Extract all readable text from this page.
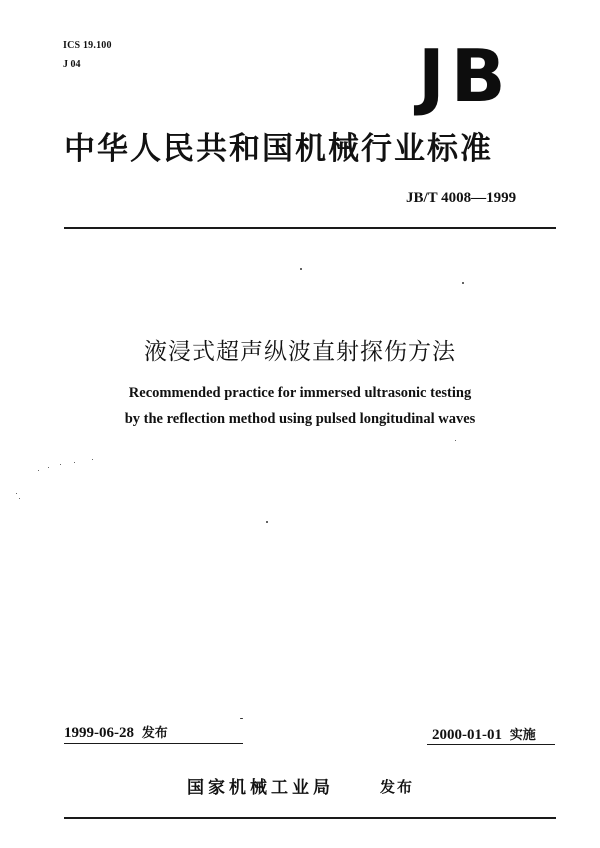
ICS 19.100
J 04	JB
中华人民共和国机械行业标准
JB/T 4008—1999
液浸式超声纵波直射探伤方法
Recommended practice for immersed ultrasonic testing
by the reflection method using pulsed longitudinal waves
1999-06-28 发布	2000-01-01 实施
国家机械工业局	发布
